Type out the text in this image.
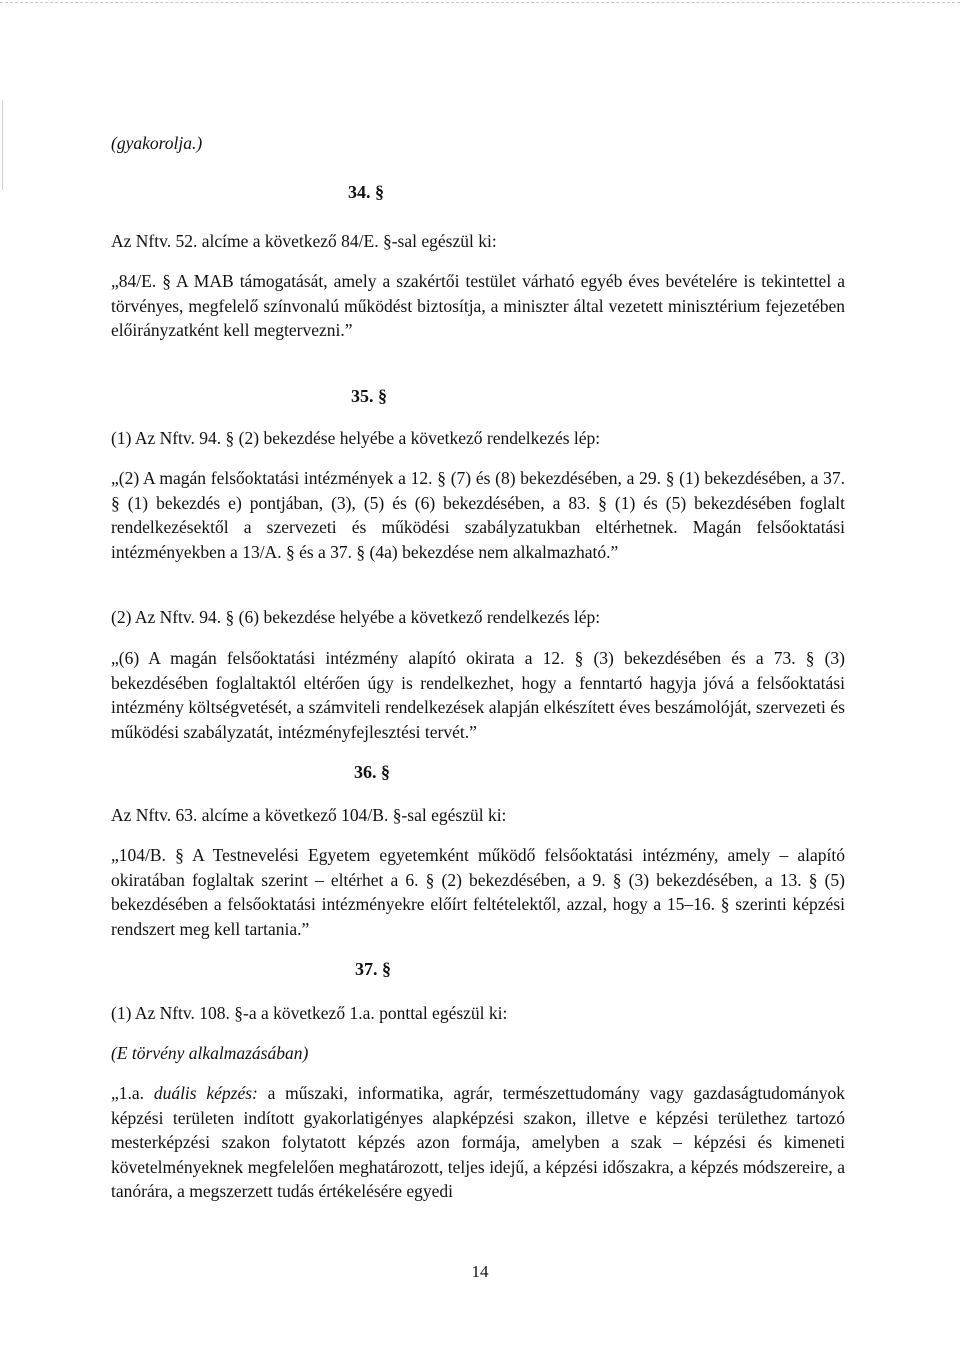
(gyakorolja.)

34. §

Az Nftv. 52. alcíme a következő 84/E. §-sal egészül ki:

„84/E. § A MAB támogatását, amely a szakértői testület várható egyéb éves bevételére is tekintettel a törvényes, megfelelő színvonalú működést biztosítja, a miniszter által vezetett minisztérium fejezetében előirányzatként kell megtervezni.”

35. §

(1) Az Nftv. 94. § (2) bekezdése helyébe a következő rendelkezés lép:

„(2) A magán felsőoktatási intézmények a 12. § (7) és (8) bekezdésében, a 29. § (1) bekezdésében, a 37. § (1) bekezdés e) pontjában, (3), (5) és (6) bekezdésében, a 83. § (1) és (5) bekezdésében foglalt rendelkezésektől a szervezeti és működési szabályzatukban eltérhetnek. Magán felsőoktatási intézményekben a 13/A. § és a 37. § (4a) bekezdése nem alkalmazható.”

(2) Az Nftv. 94. § (6) bekezdése helyébe a következő rendelkezés lép:

„(6) A magán felsőoktatási intézmény alapító okirata a 12. § (3) bekezdésében és a 73. § (3) bekezdésében foglaltaktól eltérően úgy is rendelkezhet, hogy a fenntartó hagyja jóvá a felsőoktatási intézmény költségvetését, a számviteli rendelkezések alapján elkészített éves beszámolóját, szervezeti és működési szabályzatát, intézményfejlesztési tervét.”

36. §

Az Nftv. 63. alcíme a következő 104/B. §-sal egészül ki:

„104/B. § A Testnevelési Egyetem egyetemként működő felsőoktatási intézmény, amely – alapító okiratában foglaltak szerint – eltérhet a 6. § (2) bekezdésében, a 9. § (3) bekezdésében, a 13. § (5) bekezdésében a felsőoktatási intézményekre előírt feltételektől, azzal, hogy a 15–16. § szerinti képzési rendszert meg kell tartania.”

37. §

(1) Az Nftv. 108. §-a a következő 1.a. ponttal egészül ki:

(E törvény alkalmazásában)

„1.a. duális képzés: a műszaki, informatika, agrár, természettudomány vagy gazdaságtudományok képzési területen indított gyakorlatigényes alapképzési szakon, illetve e képzési területhez tartozó mesterképzési szakon folytatott képzés azon formája, amelyben a szak – képzési és kimeneti követelményeknek megfelelően meghatározott, teljes idejű, a képzési időszakra, a képzés módszereire, a tanórára, a megszerzett tudás értékelésére egyedi

14
